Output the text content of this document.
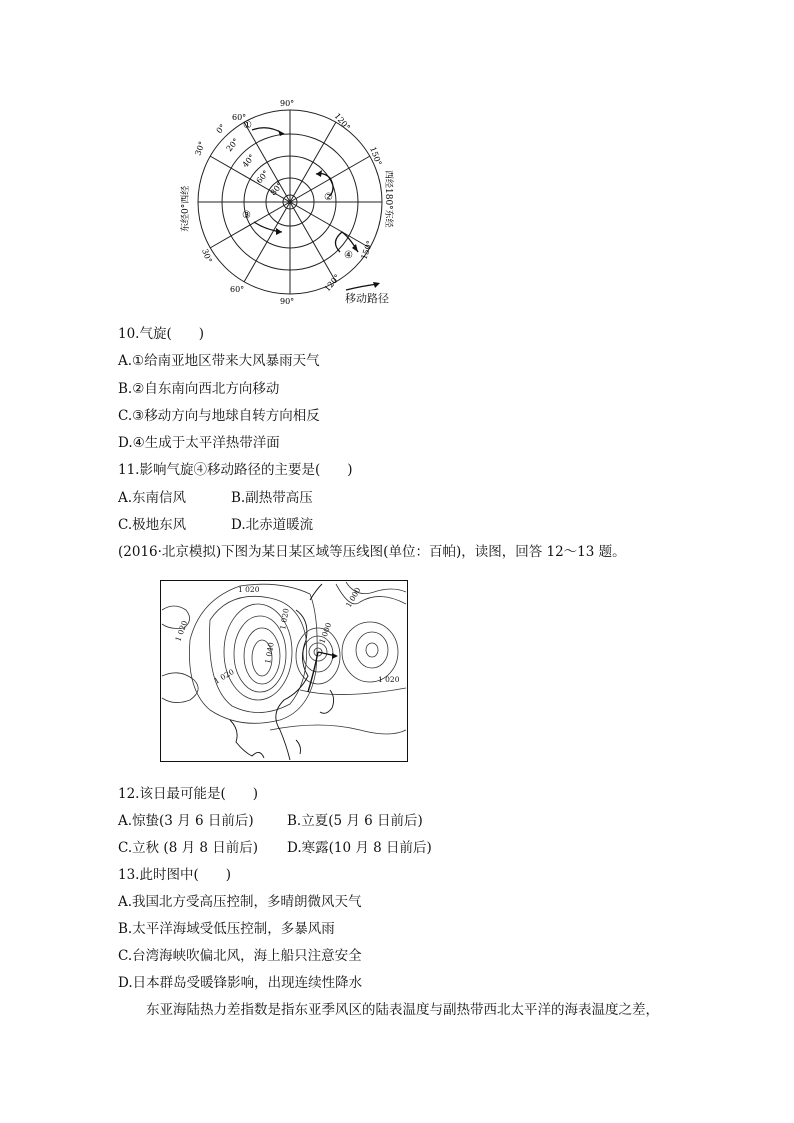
0°
20°
40°
60°
80°
90°
60°
30°
120°
150°
60°
90°
120°
150°
30°
东经0°西经	西经180°东经
①
②
③
④
移动路径
10.气旋(　　)
A.①给南亚地区带来大风暴雨天气
B.②自东南向西北方向移动
C.③移动方向与地球自转方向相反
D.④生成于太平洋热带洋面
11.影响气旋④移动路径的主要是(　　)
A.东南信风	B.副热带高压
C.极地东风	D.北赤道暖流
(2016·北京模拟)下图为某日某区域等压线图(单位：百帕)，读图，回答 12～13 题。
1 020
1 020
1 040
1 020
1 000
1 020
1 000
1 020
12.该日最可能是(　　)
A.惊蛰(3 月 6 日前后) B.立夏(5 月 6 日前后)
C.立秋 (8 月 8 日前后) D.寒露(10 月 8 日前后)
13.此时图中(　　)
A.我国北方受高压控制，多晴朗微风天气
B.太平洋海域受低压控制，多暴风雨
C.台湾海峡吹偏北风，海上船只注意安全
D.日本群岛受暖锋影响，出现连续性降水
东亚海陆热力差指数是指东亚季风区的陆表温度与副热带西北太平洋的海表温度之差，
